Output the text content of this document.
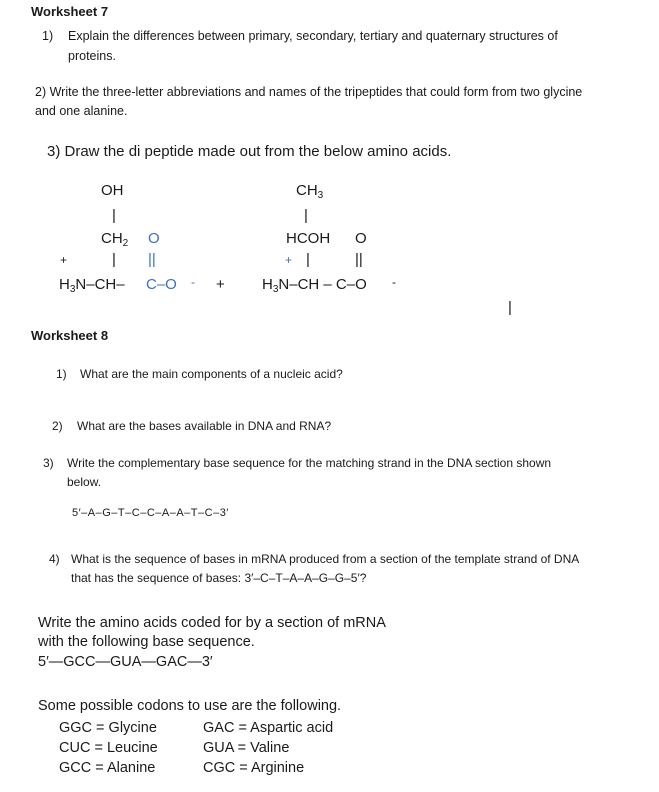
Worksheet 7
1) Explain the differences between primary, secondary, tertiary and quaternary structures of
proteins.
2) Write the three-letter abbreviations and names of the tripeptides that could form from two glycine
and one alanine.
3) Draw the di peptide made out from the below amino acids.
OH
|
$CH_2$ O
+	| ||
$H_3N-CH-$ C–O - +
$CH_3$
|
HCOH O
+ |	||
$H_3N-CH - C-O$ -
|
Worksheet 8
1) What are the main components of a nucleic acid?
2) What are the bases available in DNA and RNA?
3) Write the complementary base sequence for the matching strand in the DNA section shown
below.
5′–A–G–T–C–C–A–A–T–C–3′
4) What is the sequence of bases in mRNA produced from a section of the template strand of DNA
that has the sequence of bases: 3′–C–T–A–A–G–G–5′?
Write the amino acids coded for by a section of mRNA
with the following base sequence.
5′—GCC—GUA—GAC—3′
Some possible codons to use are the following.
GGC = Glycine
CUC = Leucine
GCC = Alanine
GAC = Aspartic acid
GUA = Valine
CGC = Arginine
